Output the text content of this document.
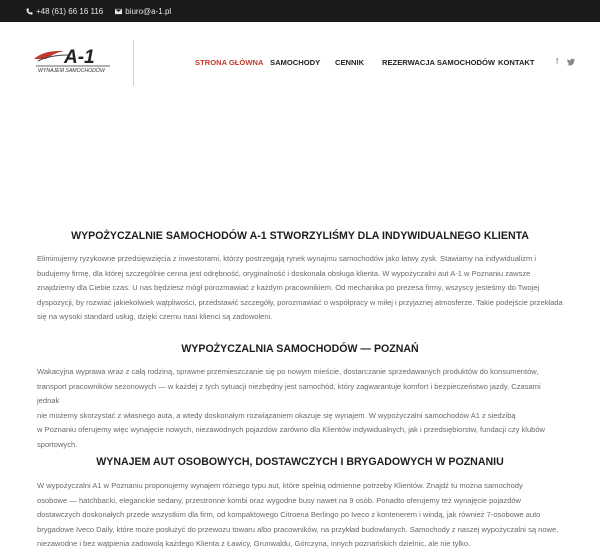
+48 (61) 66 16 116	biuro@a-1.pl
A-1
WYNAJEM SAMOCHODÓW
STRONA GŁÓWNA SAMOCHODY CENNIK REZERWACJA SAMOCHODÓW KONTAKT	f
WYPOŻYCZALNIE SAMOCHODÓW A-1 STWORZYLIŚMY DLA INDYWIDUALNEGO KLIENTA
Eliminujemy ryzykowne przedsięwzięcia z inwestorami, którzy postrzegają rynek wynajmu samochodów jako łatwy zysk. Stawiamy na indywidualizm i
budujemy firmę, dla której szczególnie cenna jest odrębność, oryginalność i doskonała obsługa klienta. W wypożyczalni aut A-1 w Poznaniu zawsze
znajdziemy dla Ciebie czas. U nas będziesz mógł porozmawiać z każdym pracownikiem. Od mechanika po prezesa firmy, wszyscy jesteśmy do Twojej
dyspozycji, by rozwiać jakiekolwiek wątpliwości, przedstawić szczegóły, porozmawiać o współpracy w miłej i przyjaznej atmosferze. Takie podejście przekłada
się na wysoki standard usług, dzięki czemu nasi klienci są zadowoleni.
WYPOŻYCZALNIA SAMOCHODÓW — POZNAŃ
Wakacyjna wyprawa wraz z całą rodziną, sprawne przemieszczanie się po nowym mieście, dostarczanie sprzedawanych produktów do konsumentów,
transport pracowników sezonowych — w każdej z tych sytuacji niezbędny jest samochód, który zagwarantuje komfort i bezpieczeństwo jazdy. Czasami jednak
nie możemy skorzystać z własnego auta, a wtedy doskonałym rozwiązaniem okazuje się wynajem. W wypożyczalni samochodów A1 z siedzibą
w Poznaniu oferujemy więc wynajęcie nowych, niezawodnych pojazdów zarówno dla Klientów indywidualnych, jak i przedsiębiorstw, fundacji czy klubów
sportowych.
WYNAJEM AUT OSOBOWYCH, DOSTAWCZYCH I BRYGADOWYCH W POZNANIU
W wypożyczalni A1 w Poznaniu proponujemy wynajem różnego typu aut, które spełnią odmienne potrzeby Klientów. Znajdź tu można samochody
osobowe — hatchbacki, eleganckie sedany, przestronne kombi oraz wygodne busy nawet na 9 osób. Ponadto oferujemy też wynajęcie pojazdów
dostawczych doskonałych przede wszystkim dla firm, od kompaktowego Citroena Berlingo po Iveco z kontenerem i windą, jak również 7-osobowe auto
brygadowe Iveco Daily, które może posłużyć do przewozu towaru albo pracowników, na przykład budowlanych. Samochody z naszej wypożyczalni są nowe,
niezawodne i bez wątpienia zadowolą każdego Klienta z Ławicy, Grunwaldu, Górczyna, innych poznańskich dzielnic, ale nie tylko.
